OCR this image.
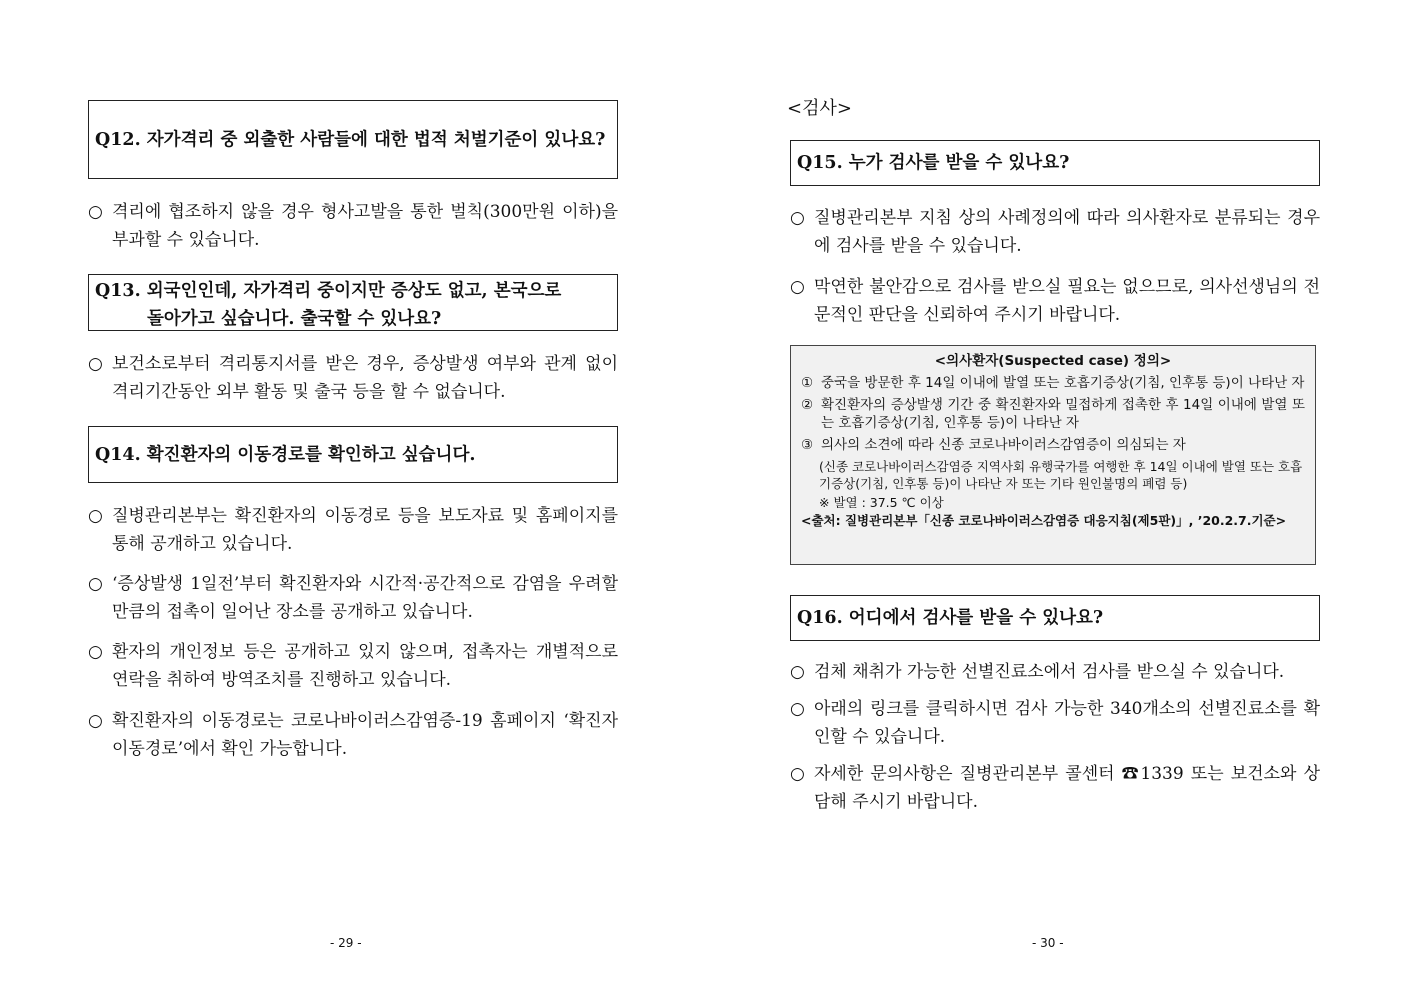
Q12. 자가격리 중 외출한 사람들에 대한 법적 처벌기준이 있나요?
○ 격리에 협조하지 않을 경우 형사고발을 통한 벌칙(300만원 이하)을 부과할 수 있습니다.
Q13. 외국인인데, 자가격리 중이지만 증상도 없고, 본국으로
돌아가고 싶습니다. 출국할 수 있나요?
○ 보건소로부터 격리통지서를 받은 경우, 증상발생 여부와 관계 없이 격리기간동안 외부 활동 및 출국 등을 할 수 없습니다.
Q14. 확진환자의 이동경로를 확인하고 싶습니다.
○ 질병관리본부는 확진환자의 이동경로 등을 보도자료 및 홈페이지를 통해 공개하고 있습니다.
○ ‘증상발생 1일전’부터 확진환자와 시간적·공간적으로 감염을 우려할 만큼의 접촉이 일어난 장소를 공개하고 있습니다.
○ 환자의 개인정보 등은 공개하고 있지 않으며, 접촉자는 개별적으로 연락을 취하여 방역조치를 진행하고 있습니다.
○ 확진환자의 이동경로는 코로나바이러스감염증-19 홈페이지 ‘확진자 이동경로’에서 확인 가능합니다.
- 29 -
<검사>
Q15. 누가 검사를 받을 수 있나요?
○ 질병관리본부 지침 상의 사례정의에 따라 의사환자로 분류되는 경우에 검사를 받을 수 있습니다.
○ 막연한 불안감으로 검사를 받으실 필요는 없으므로, 의사선생님의 전문적인 판단을 신뢰하여 주시기 바랍니다.
<의사환자(Suspected case) 정의>
① 중국을 방문한 후 14일 이내에 발열 또는 호흡기증상(기침, 인후통 등)이 나타난 자
② 확진환자의 증상발생 기간 중 확진환자와 밀접하게 접촉한 후 14일 이내에 발열 또는 호흡기증상(기침, 인후통 등)이 나타난 자
③ 의사의 소견에 따라 신종 코로나바이러스감염증이 의심되는 자
(신종 코로나바이러스감염증 지역사회 유행국가를 여행한 후 14일 이내에 발열 또는 호흡기증상(기침, 인후통 등)이 나타난 자 또는 기타 원인불명의 폐렴 등)
※ 발열 : 37.5 ℃ 이상
<출처: 질병관리본부「신종 코로나바이러스감염증 대응지침(제5판)」, ’20.2.7.기준>
Q16. 어디에서 검사를 받을 수 있나요?
○ 검체 채취가 가능한 선별진료소에서 검사를 받으실 수 있습니다.
○ 아래의 링크를 클릭하시면 검사 가능한 340개소의 선별진료소를 확인할 수 있습니다.
○ 자세한 문의사항은 질병관리본부 콜센터 ☎1339 또는 보건소와 상담해 주시기 바랍니다.
- 30 -
